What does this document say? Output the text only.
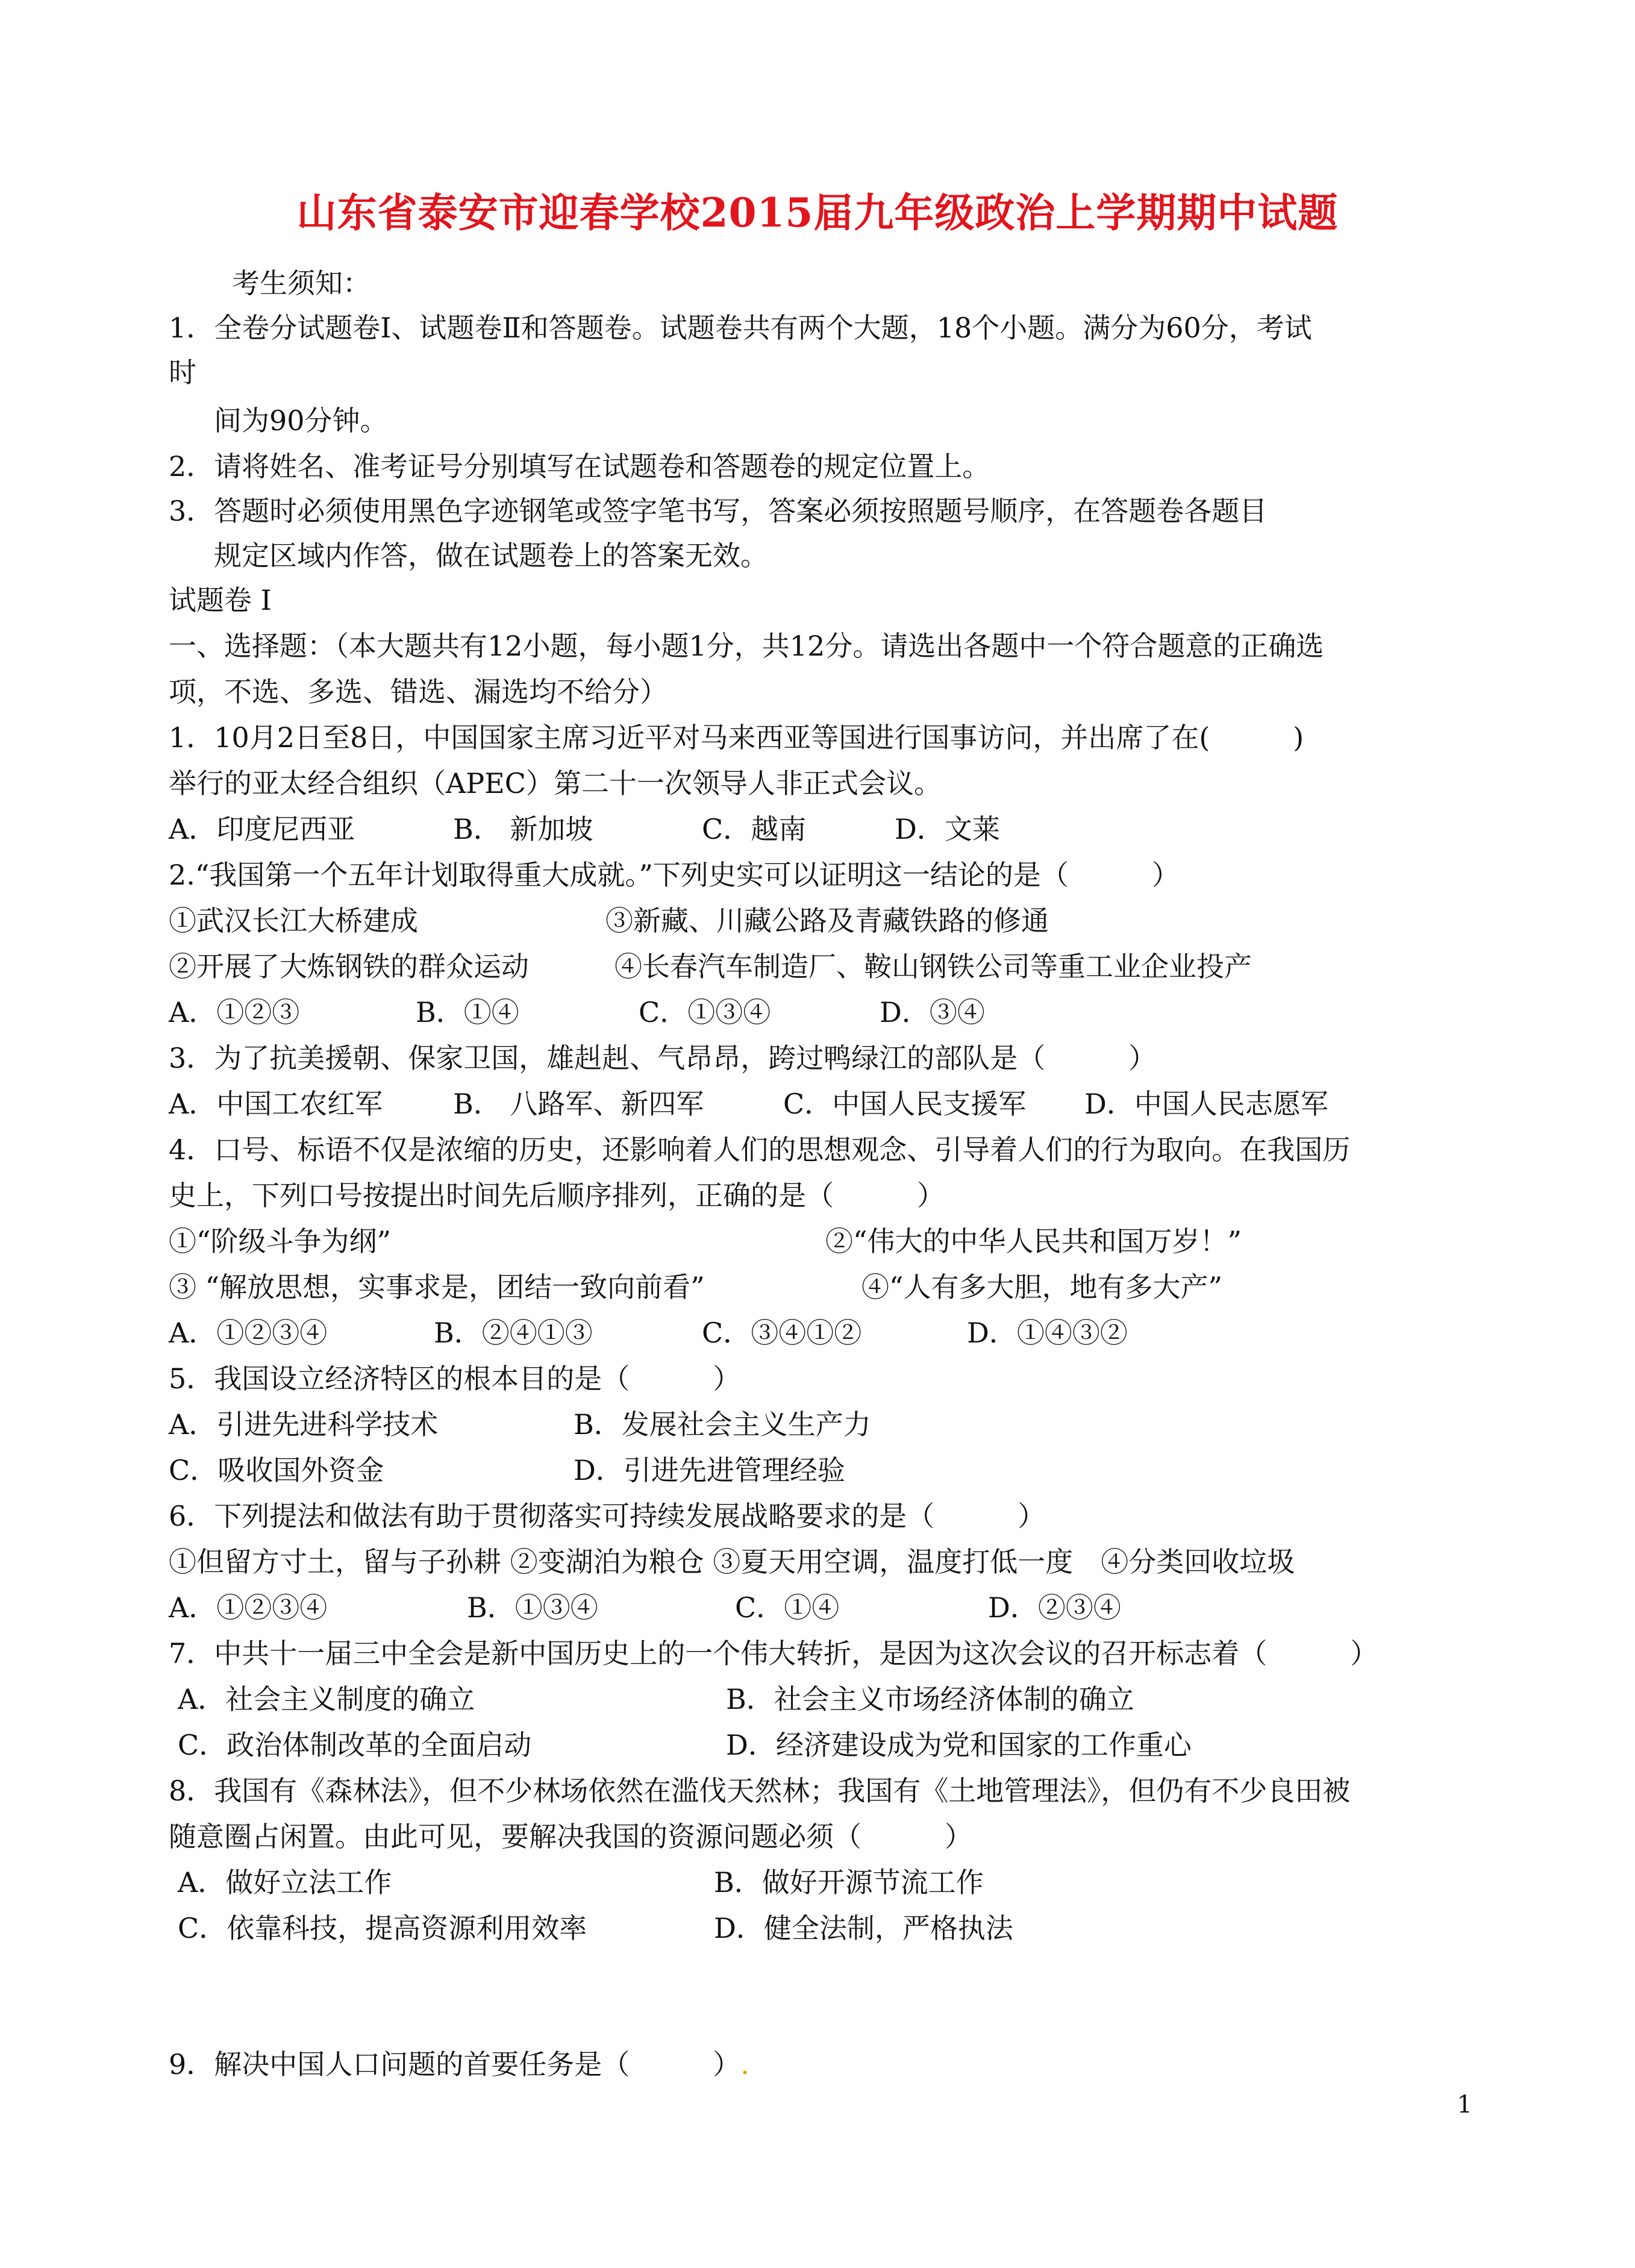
山东省泰安市迎春学校2015届九年级政治上学期期中试题
考生须知：
1．全卷分试题卷Ⅰ、试题卷Ⅱ和答题卷。试题卷共有两个大题，18个小题。满分为60分，考试
时
间为90分钟。
2．请将姓名、准考证号分别填写在试题卷和答题卷的规定位置上。
3．答题时必须使用黑色字迹钢笔或签字笔书写，答案必须按照题号顺序，在答题卷各题目
规定区域内作答，做在试题卷上的答案无效。
试题卷 I
一、选择题：（本大题共有12小题，每小题1分，共12分。请选出各题中一个符合题意的正确选
项，不选、多选、错选、漏选均不给分）
1．10月2日至8日，中国国家主席习近平对马来西亚等国进行国事访问，并出席了在(　　　)
举行的亚太经合组织（APEC）第二十一次领导人非正式会议。
A．印度尼西亚	B． 新加坡	C．越南	D．文莱
2.“我国第一个五年计划取得重大成就。”下列史实可以证明这一结论的是（　　　）
①武汉长江大桥建成	③新藏、川藏公路及青藏铁路的修通
②开展了大炼钢铁的群众运动	④长春汽车制造厂、鞍山钢铁公司等重工业企业投产
A．①②③	B．①④	C．①③④	D．③④
3．为了抗美援朝、保家卫国，雄赳赳、气昂昂，跨过鸭绿江的部队是（　　　）
A．中国工农红军	B． 八路军、新四军	C．中国人民支援军 D．中国人民志愿军
4．口号、标语不仅是浓缩的历史，还影响着人们的思想观念、引导着人们的行为取向。在我国历
史上，下列口号按提出时间先后顺序排列，正确的是（　　　）
①“阶级斗争为纲”	②“伟大的中华人民共和国万岁！”
③ “解放思想，实事求是，团结一致向前看”	④“人有多大胆，地有多大产”
A．①②③④	B．②④①③	C．③④①②	D．①④③②
5．我国设立经济特区的根本目的是（　　　）
A．引进先进科学技术	B．发展社会主义生产力
C．吸收国外资金	D．引进先进管理经验
6．下列提法和做法有助于贯彻落实可持续发展战略要求的是（　　　）
①但留方寸土，留与子孙耕 ②变湖泊为粮仓 ③夏天用空调，温度打低一度　④分类回收垃圾
A．①②③④	B．①③④	C．①④	D．②③④
7．中共十一届三中全会是新中国历史上的一个伟大转折，是因为这次会议的召开标志着（　　　）
A．社会主义制度的确立	B．社会主义市场经济体制的确立
C．政治体制改革的全面启动	D．经济建设成为党和国家的工作重心
8．我国有《森林法》，但不少林场依然在滥伐天然林；我国有《土地管理法》，但仍有不少良田被
随意圈占闲置。由此可见，要解决我国的资源问题必须（　　　）
A．做好立法工作	B．做好开源节流工作
C．依靠科技，提高资源利用效率	D．健全法制，严格执法
9．解决中国人口问题的首要任务是（　　　）.
1
